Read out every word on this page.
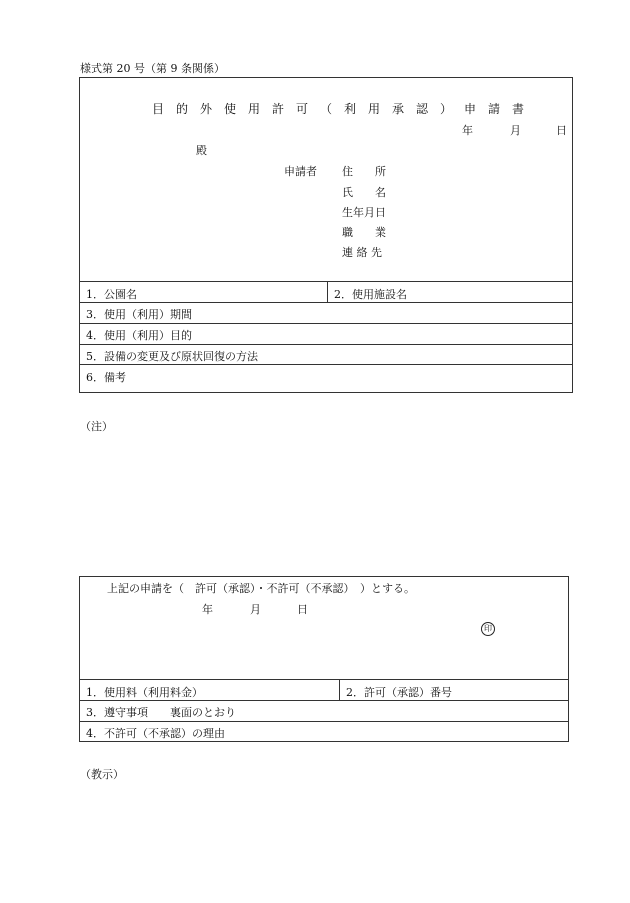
様式第 20 号（第 9 条関係）
目的外使用許可（利用承認）申請書
年	月	日
殿
申請者 住　　所
氏　　名
生年月日
職　　業
連 絡 先
1．公園名	2．使用施設名
3．使用（利用）期間
4．使用（利用）目的
5．設備の変更及び原状回復の方法
6．備考
（注）
上記の申請を（　許可（承認）・不許可（不承認）　）とする。
年	月	日
印
1．使用料（利用料金）	2．許可（承認）番号
3．遵守事項　　裏面のとおり
4．不許可（不承認）の理由
（教示）
